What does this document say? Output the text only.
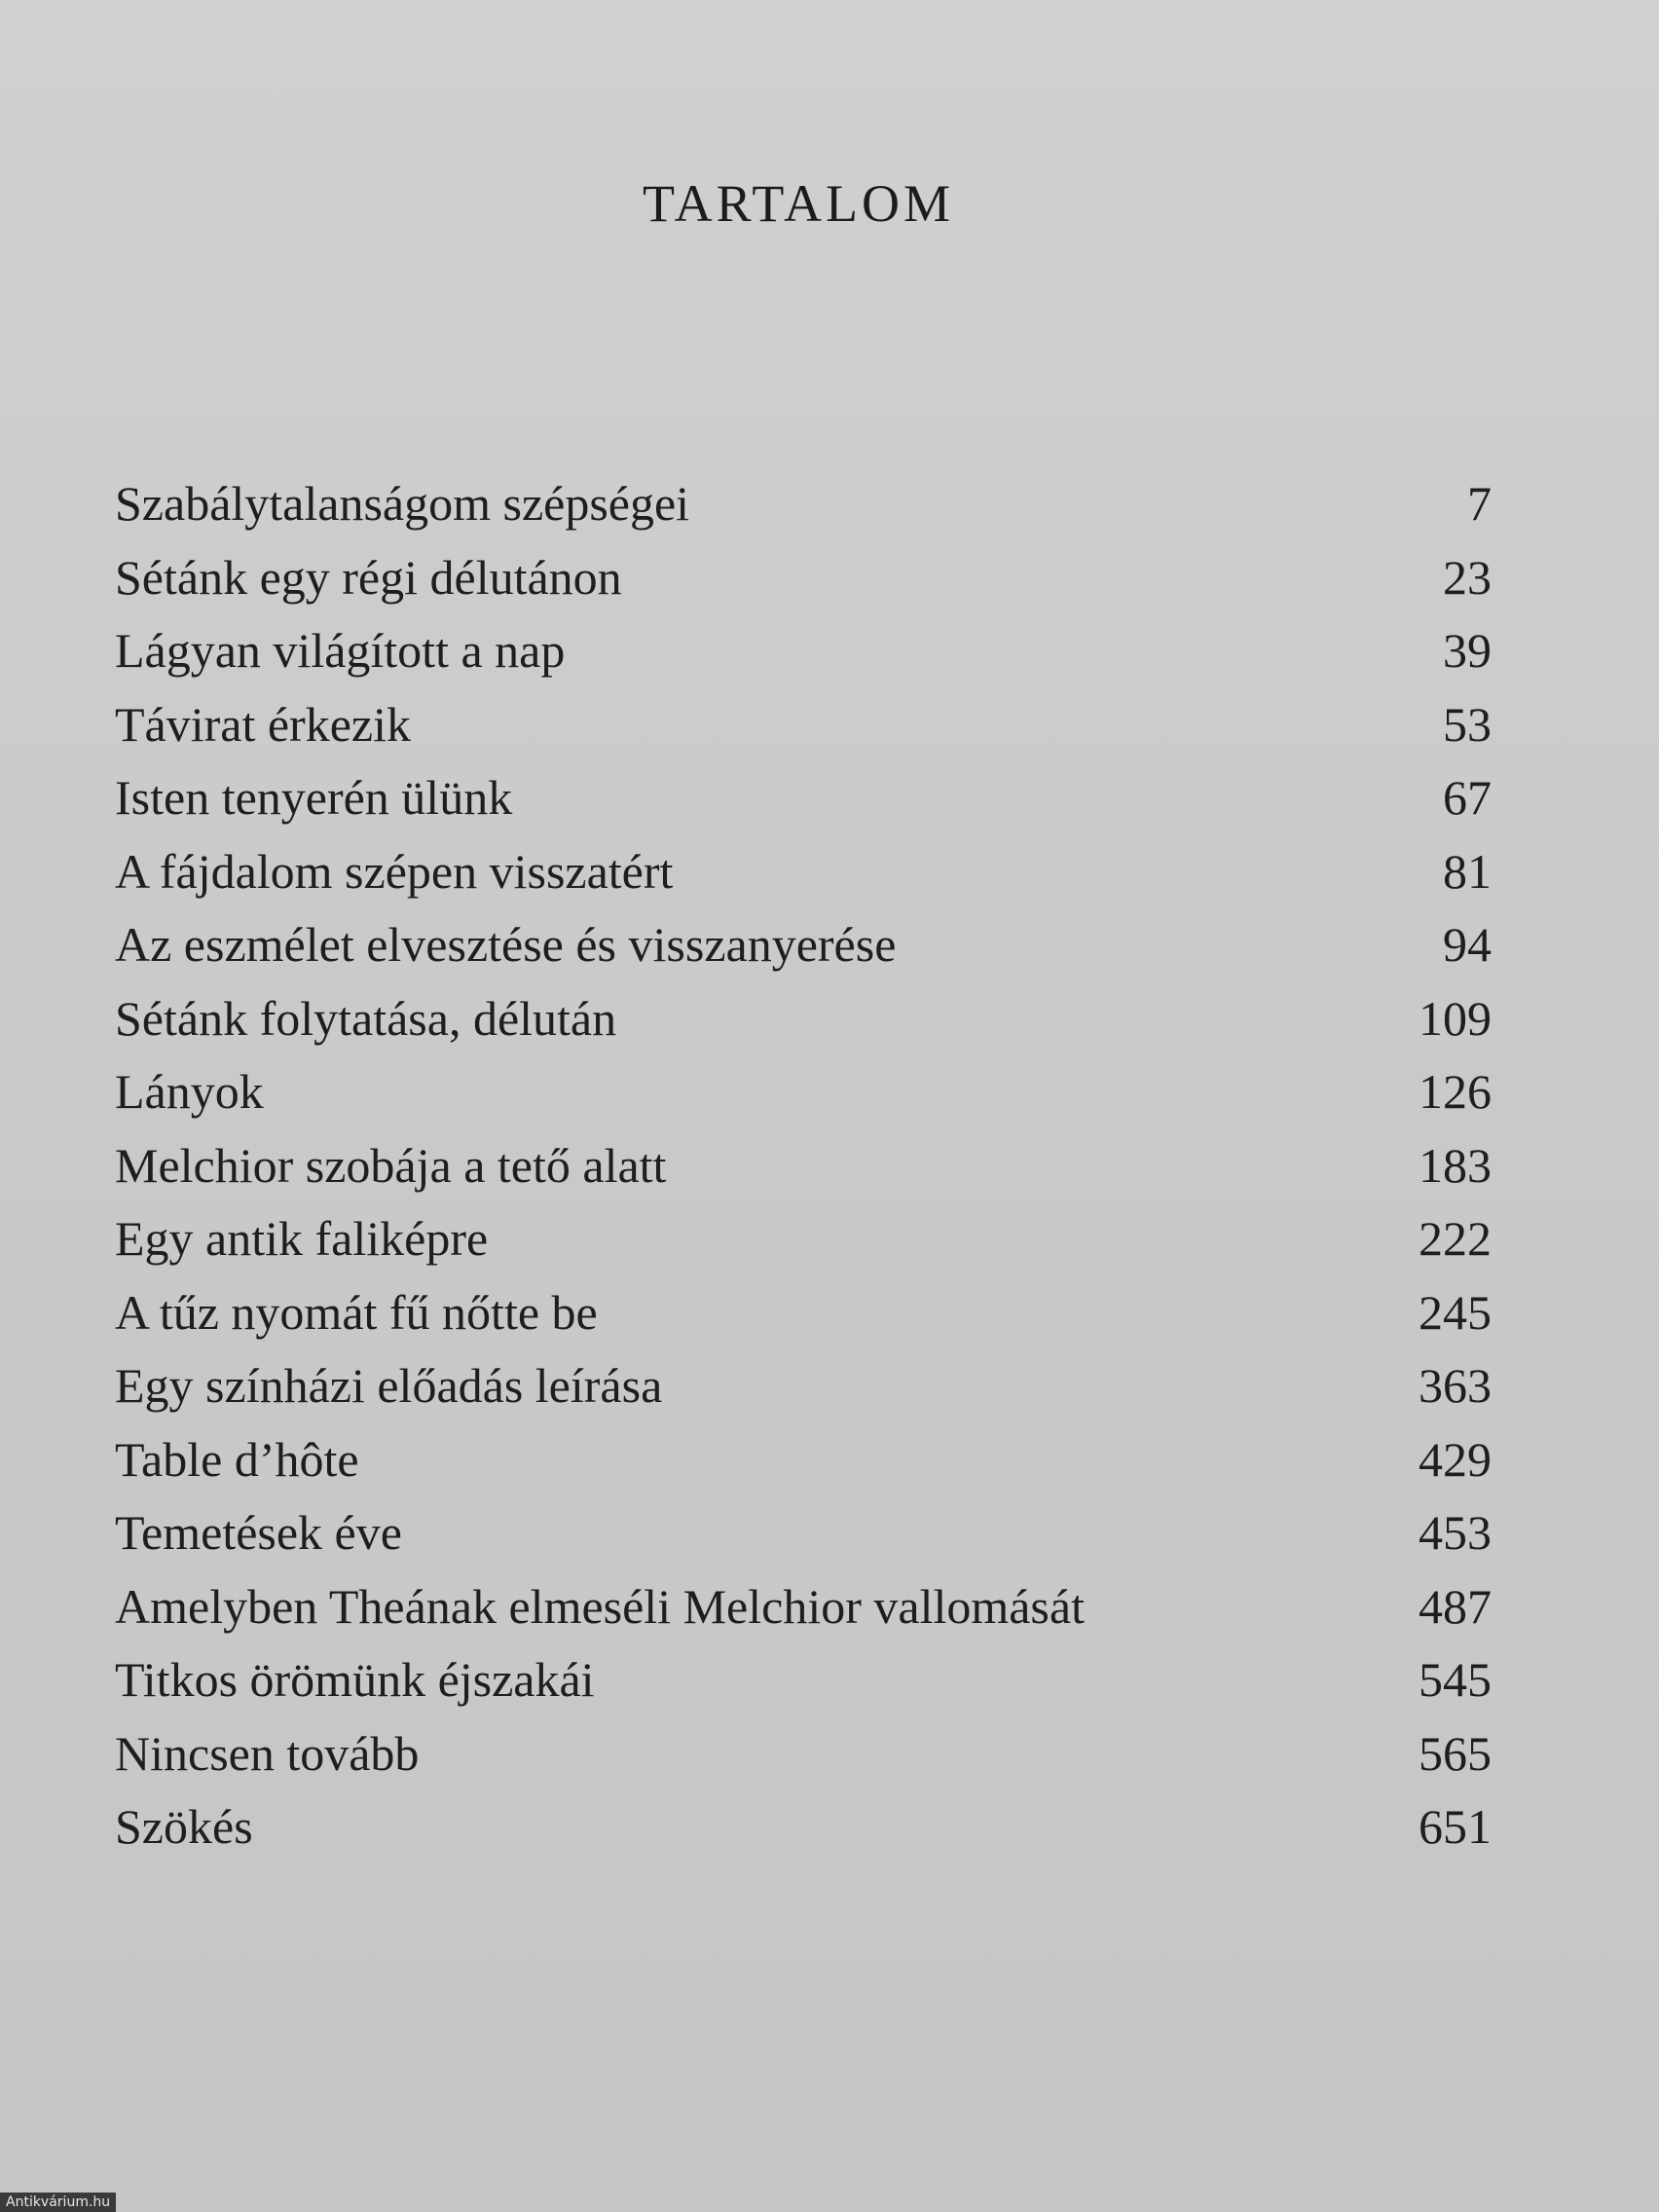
TARTALOM
Szabálytalanságom szépségei	7
Sétánk egy régi délutánon	23
Lágyan világított a nap	39
Távirat érkezik	53
Isten tenyerén ülünk	67
A fájdalom szépen visszatért	81
Az eszmélet elvesztése és visszanyerése	94
Sétánk folytatása, délután	109
Lányok	126
Melchior szobája a tető alatt	183
Egy antik faliképre	222
A tűz nyomát fű nőtte be	245
Egy színházi előadás leírása	363
Table d’hôte	429
Temetések éve	453
Amelyben Theának elmeséli Melchior vallomását	487
Titkos örömünk éjszakái	545
Nincsen tovább	565
Szökés	651
Antikvárium.hu
